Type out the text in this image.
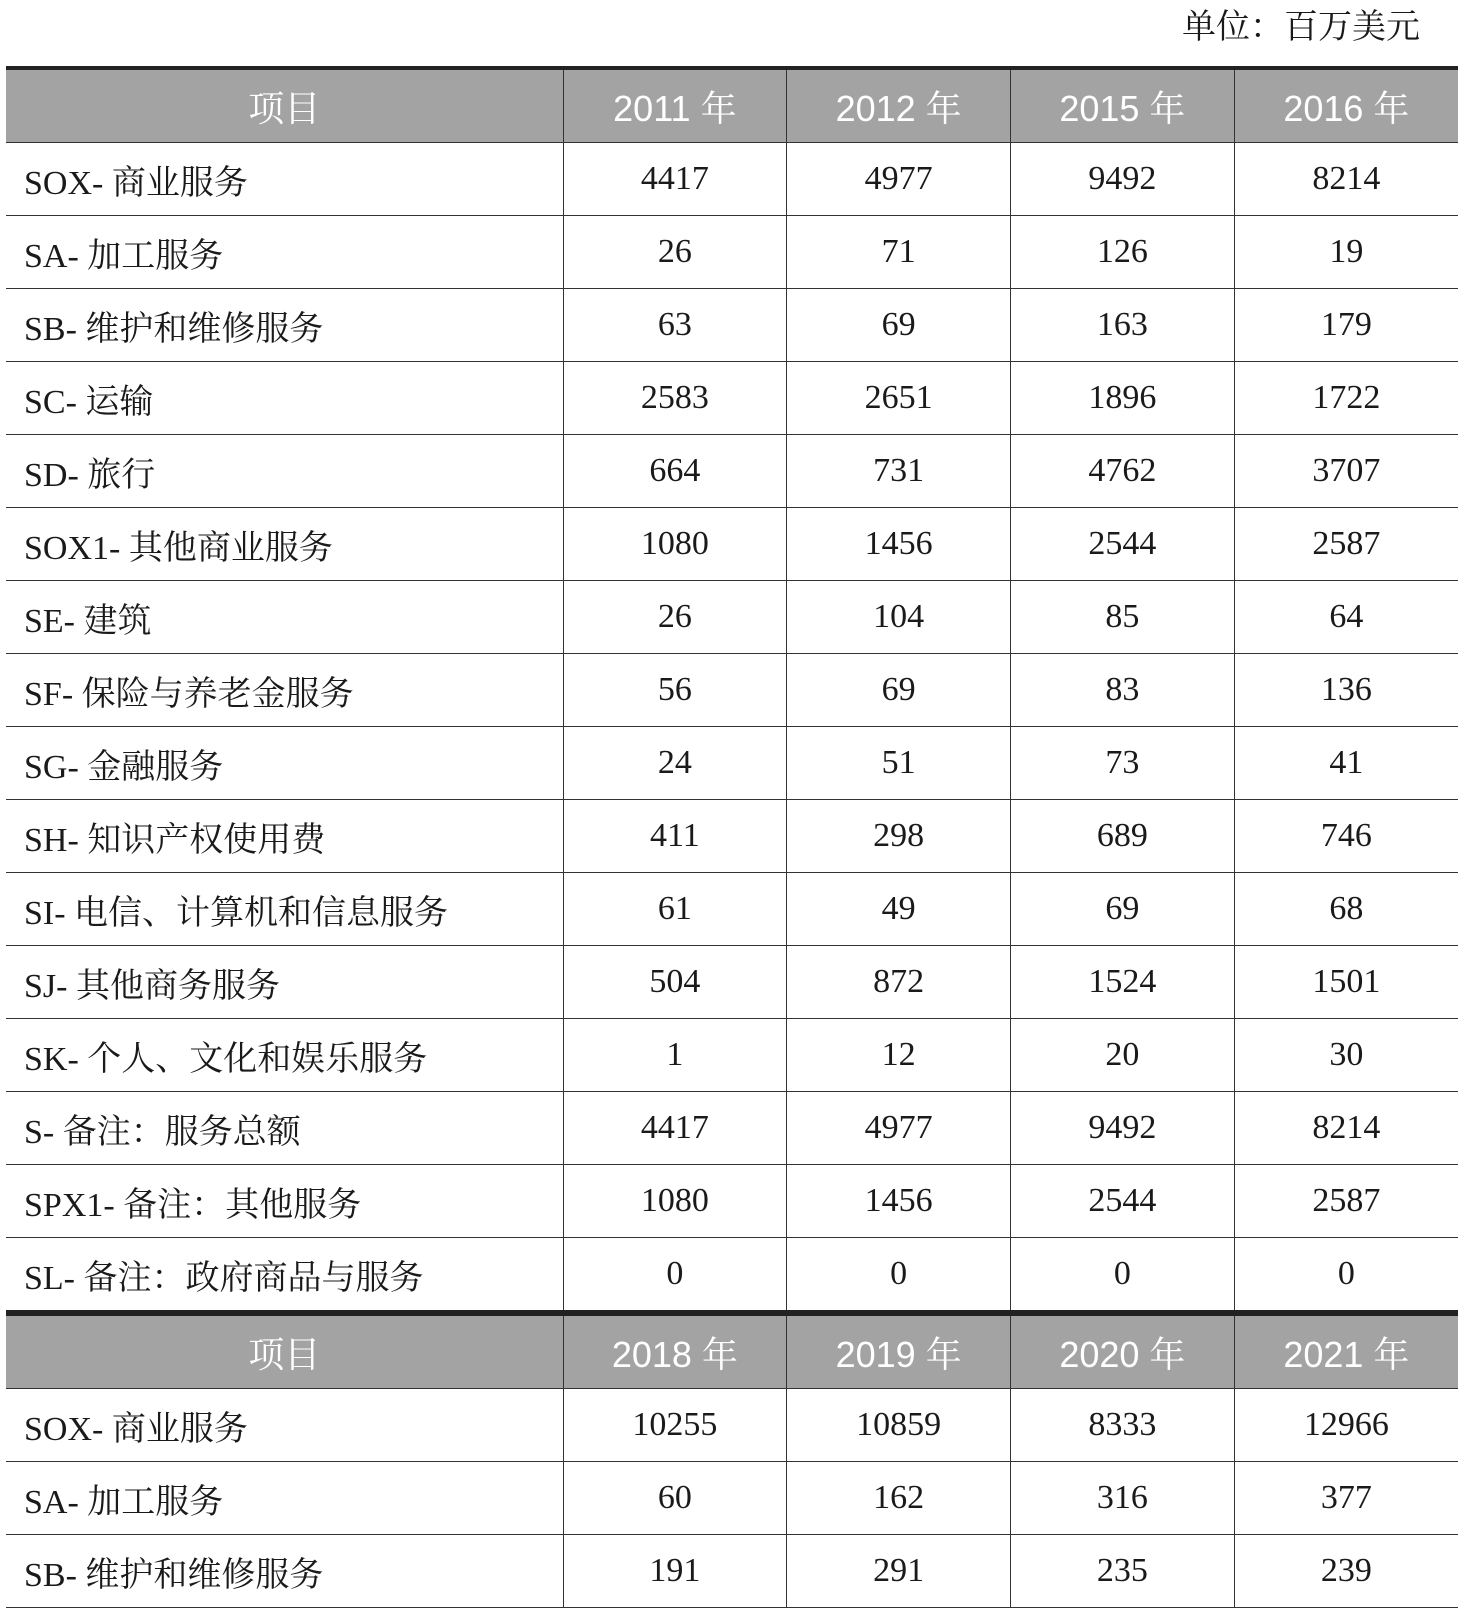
单位：百万美元
项目	2011 年	2012 年	2015 年	2016 年
SOX- 商业服务	4417	4977	9492	8214
SA- 加工服务	26	71	126	19
SB- 维护和维修服务	63	69	163	179
SC- 运输	2583	2651	1896	1722
SD- 旅行	664	731	4762	3707
SOX1- 其他商业服务	1080	1456	2544	2587
SE- 建筑	26	104	85	64
SF- 保险与养老金服务	56	69	83	136
SG- 金融服务	24	51	73	41
SH- 知识产权使用费	411	298	689	746
SI- 电信、计算机和信息服务	61	49	69	68
SJ- 其他商务服务	504	872	1524	1501
SK- 个人、文化和娱乐服务	1	12	20	30
S- 备注：服务总额	4417	4977	9492	8214
SPX1- 备注：其他服务	1080	1456	2544	2587
SL- 备注：政府商品与服务	0	0	0	0
项目	2018 年	2019 年	2020 年	2021 年
SOX- 商业服务	10255	10859	8333	12966
SA- 加工服务	60	162	316	377
SB- 维护和维修服务	191	291	235	239
